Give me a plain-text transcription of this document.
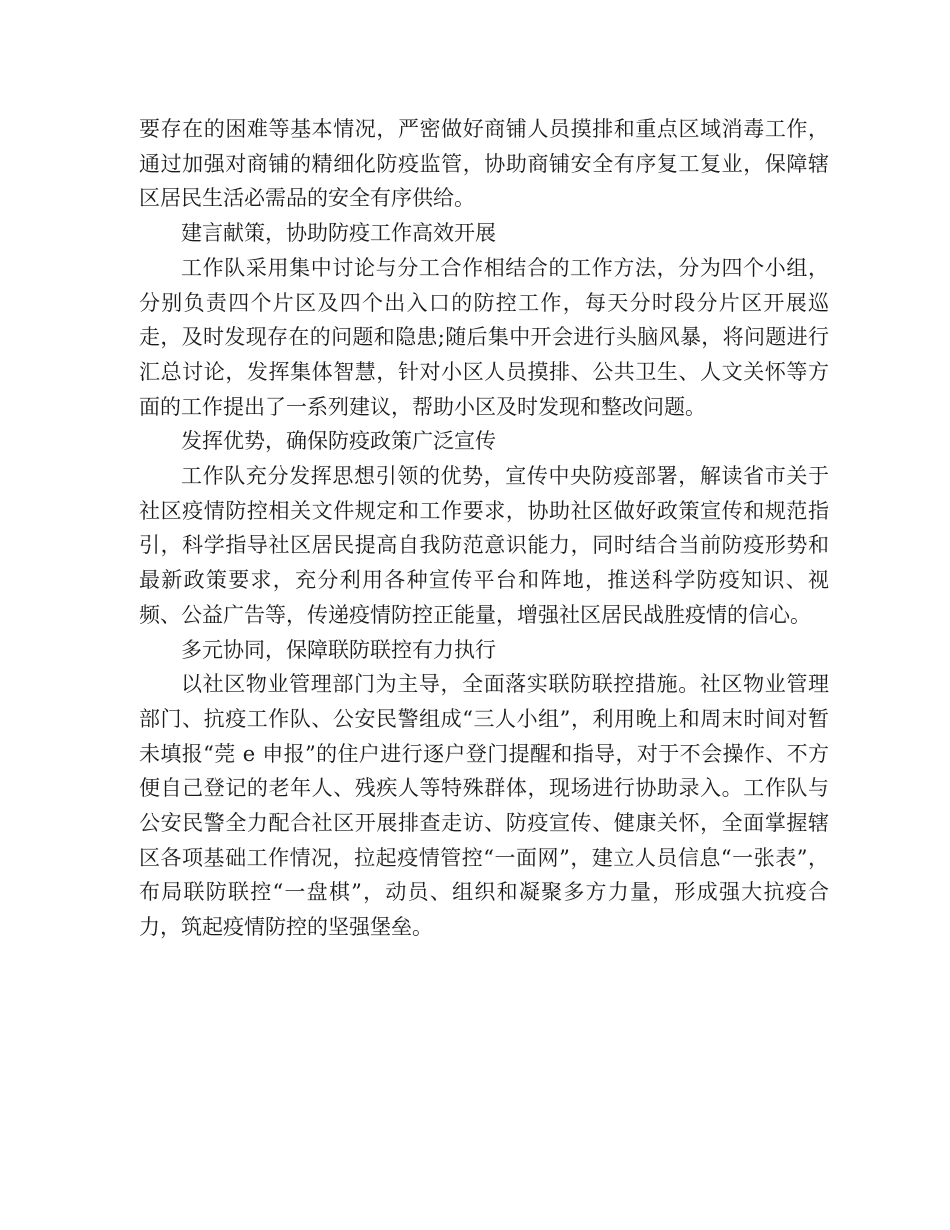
要存在的困难等基本情况，严密做好商铺人员摸排和重点区域消毒工作，通过加强对商铺的精细化防疫监管，协助商铺安全有序复工复业，保障辖区居民生活必需品的安全有序供给。

建言献策，协助防疫工作高效开展

工作队采用集中讨论与分工合作相结合的工作方法，分为四个小组，分别负责四个片区及四个出入口的防控工作，每天分时段分片区开展巡走，及时发现存在的问题和隐患;随后集中开会进行头脑风暴，将问题进行汇总讨论，发挥集体智慧，针对小区人员摸排、公共卫生、人文关怀等方面的工作提出了一系列建议，帮助小区及时发现和整改问题。

发挥优势，确保防疫政策广泛宣传

工作队充分发挥思想引领的优势，宣传中央防疫部署，解读省市关于社区疫情防控相关文件规定和工作要求，协助社区做好政策宣传和规范指引，科学指导社区居民提高自我防范意识能力，同时结合当前防疫形势和最新政策要求，充分利用各种宣传平台和阵地，推送科学防疫知识、视频、公益广告等，传递疫情防控正能量，增强社区居民战胜疫情的信心。

多元协同，保障联防联控有力执行

以社区物业管理部门为主导，全面落实联防联控措施。社区物业管理部门、抗疫工作队、公安民警组成“三人小组”，利用晚上和周末时间对暂未填报“莞 e 申报”的住户进行逐户登门提醒和指导，对于不会操作、不方便自己登记的老年人、残疾人等特殊群体，现场进行协助录入。工作队与公安民警全力配合社区开展排查走访、防疫宣传、健康关怀，全面掌握辖区各项基础工作情况，拉起疫情管控“一面网”，建立人员信息“一张表”，布局联防联控“一盘棋”，动员、组织和凝聚多方力量，形成强大抗疫合力，筑起疫情防控的坚强堡垒。
